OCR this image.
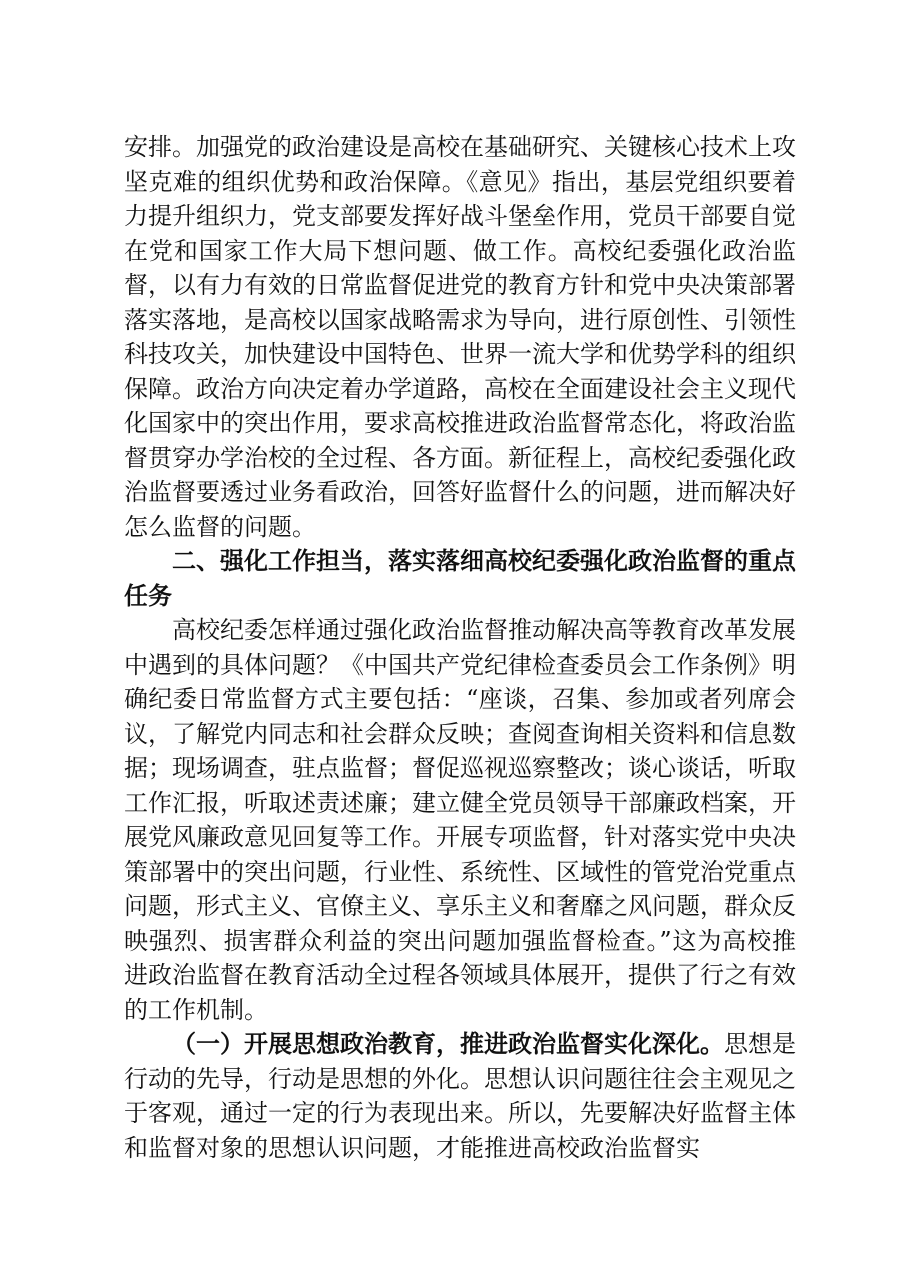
安排。加强党的政治建设是高校在基础研究、关键核心技术上攻坚克难的组织优势和政治保障。《意见》指出，基层党组织要着力提升组织力，党支部要发挥好战斗堡垒作用，党员干部要自觉在党和国家工作大局下想问题、做工作。高校纪委强化政治监督，以有力有效的日常监督促进党的教育方针和党中央决策部署落实落地，是高校以国家战略需求为导向，进行原创性、引领性科技攻关，加快建设中国特色、世界一流大学和优势学科的组织保障。政治方向决定着办学道路，高校在全面建设社会主义现代化国家中的突出作用，要求高校推进政治监督常态化，将政治监督贯穿办学治校的全过程、各方面。新征程上，高校纪委强化政治监督要透过业务看政治，回答好监督什么的问题，进而解决好怎么监督的问题。

二、强化工作担当，落实落细高校纪委强化政治监督的重点任务

高校纪委怎样通过强化政治监督推动解决高等教育改革发展中遇到的具体问题？《中国共产党纪律检查委员会工作条例》明确纪委日常监督方式主要包括：“座谈，召集、参加或者列席会议，了解党内同志和社会群众反映；查阅查询相关资料和信息数据；现场调查，驻点监督；督促巡视巡察整改；谈心谈话，听取工作汇报，听取述责述廉；建立健全党员领导干部廉政档案，开展党风廉政意见回复等工作。开展专项监督，针对落实党中央决策部署中的突出问题，行业性、系统性、区域性的管党治党重点问题，形式主义、官僚主义、享乐主义和奢靡之风问题，群众反映强烈、损害群众利益的突出问题加强监督检查。”这为高校推进政治监督在教育活动全过程各领域具体展开，提供了行之有效的工作机制。

（一）开展思想政治教育，推进政治监督实化深化。思想是行动的先导，行动是思想的外化。思想认识问题往往会主观见之于客观，通过一定的行为表现出来。所以，先要解决好监督主体和监督对象的思想认识问题，才能推进高校政治监督实
